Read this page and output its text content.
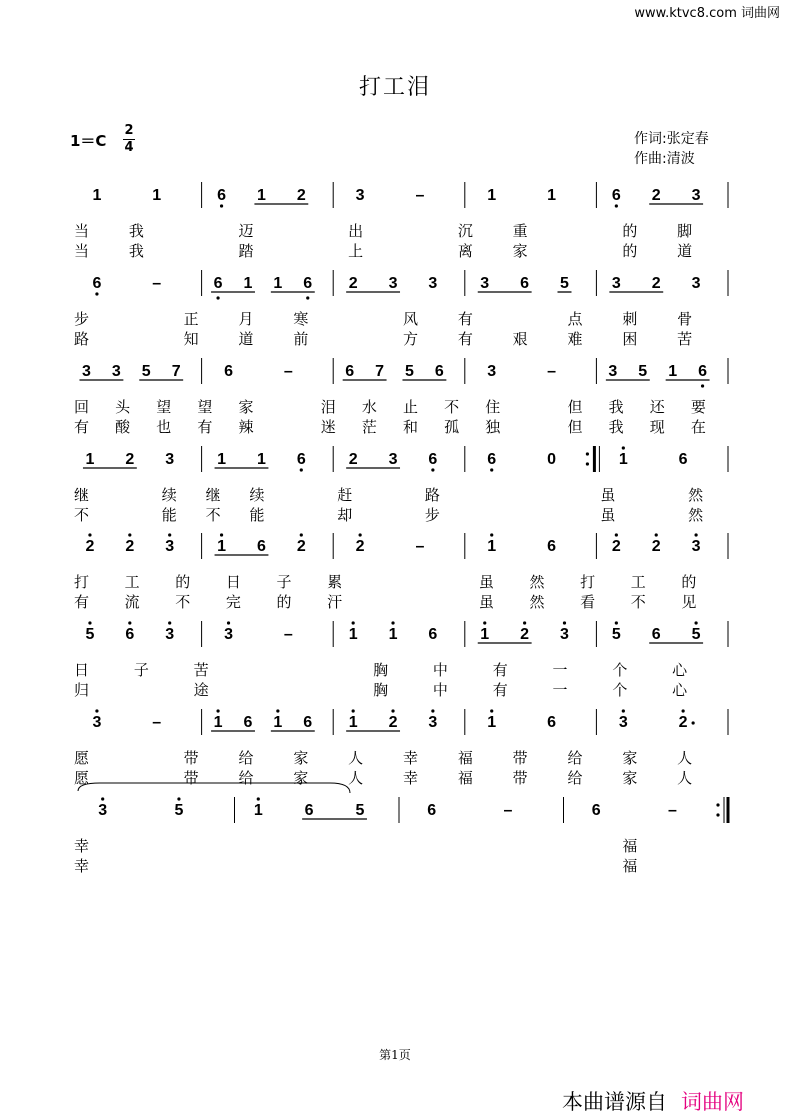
www.ktvc8.com 词曲网
打工泪
1＝C
2
4
作词:张定春
作曲:清波
1	1	6 1 2	3	–	1	1	6 2 3
当	我	迈	出	沉	重	的	脚
当	我	踏	上	离	家	的	道
6	–	6 1 1 6 2 3 3	3 6 5	3 2 3
步	正	月	寒	风	有	点	刺	骨
路	知	道	前	方	有	艰	难	困	苦
3 3 5 7	6	–	6 7 5 6	3	–	3 5 1 6
回 头 望 望 家	泪 水 止 不 住	但 我 还 要
有 酸 也 有 辣	迷 茫 和 孤 独	但 我 现 在
1 2 3	1 1 6	2 3 6	6	0	1	6
继	续 继 续	赶	路	虽	然
不	能 不 能	却	步	虽	然
2 2 3	1 6 2	2	–	1	6	2 2 3
打 工 的 日 子 累	虽 然 打 工 的
有 流 不 完 的 汗	虽 然 看 不 见
5 6 3	3	–	1 1 6	1 2 3	5 6 5
日	子	苦	胸	中	有	一	个	心
归	途	胸	中	有	一	个	心
3	–	1 6 1 6 1 2 3	1	6	3	2
愿	带	给	家	人	幸	福	带	给	家	人
愿	带	给	家	人	幸	福	带	给	家	人
3	5	1	6	5	6	–	6	–
幸	福
幸	福
第1页
本曲谱源自 词曲网
